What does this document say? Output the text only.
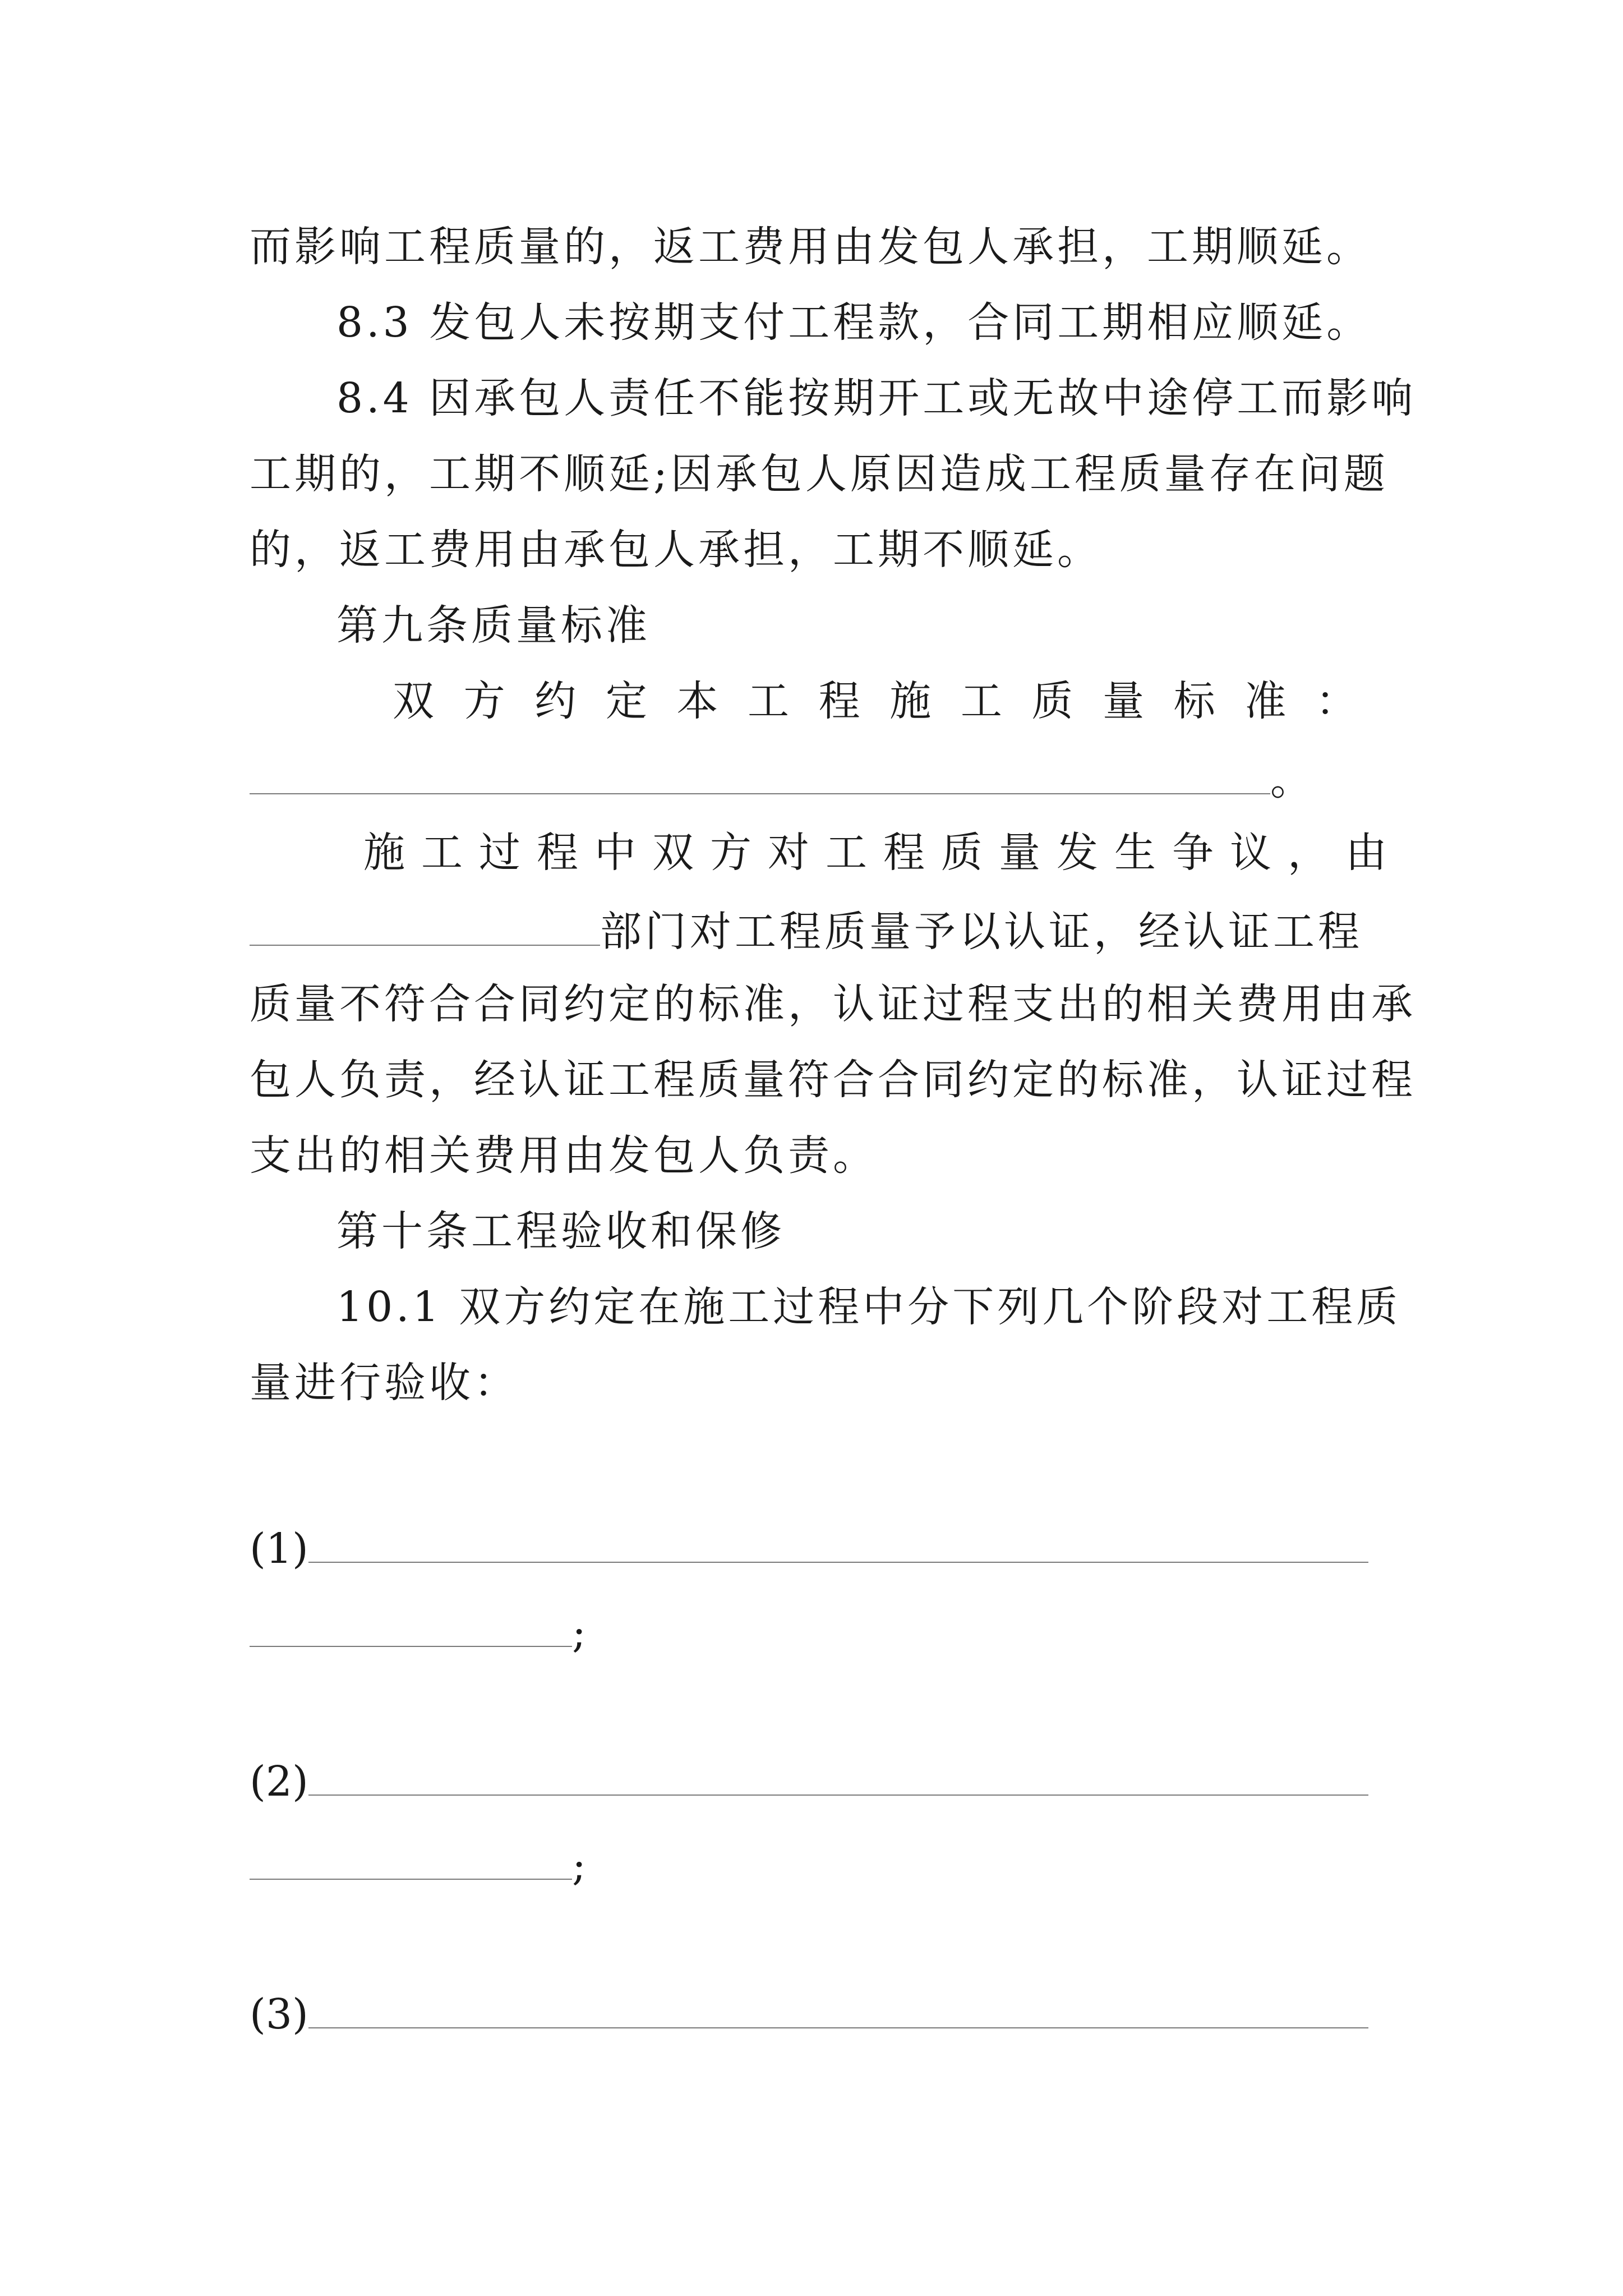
而影响工程质量的，返工费用由发包人承担，工期顺延。
8.3 发包人未按期支付工程款，合同工期相应顺延。
8.4 因承包人责任不能按期开工或无故中途停工而影响
工期的，工期不顺延;因承包人原因造成工程质量存在问题
的，返工费用由承包人承担，工期不顺延。
第九条质量标准
双 方 约 定 本 工 程 施 工 质 量 标 准 ：
。
施 工 过 程 中 双 方 对 工 程 质 量 发 生 争 议 ， 由
部门对工程质量予以认证，经认证工程
质量不符合合同约定的标准，认证过程支出的相关费用由承
包人负责，经认证工程质量符合合同约定的标准，认证过程
支出的相关费用由发包人负责。
第十条工程验收和保修
10.1 双方约定在施工过程中分下列几个阶段对工程质
量进行验收：
(1)
;
(2)
;
(3)
